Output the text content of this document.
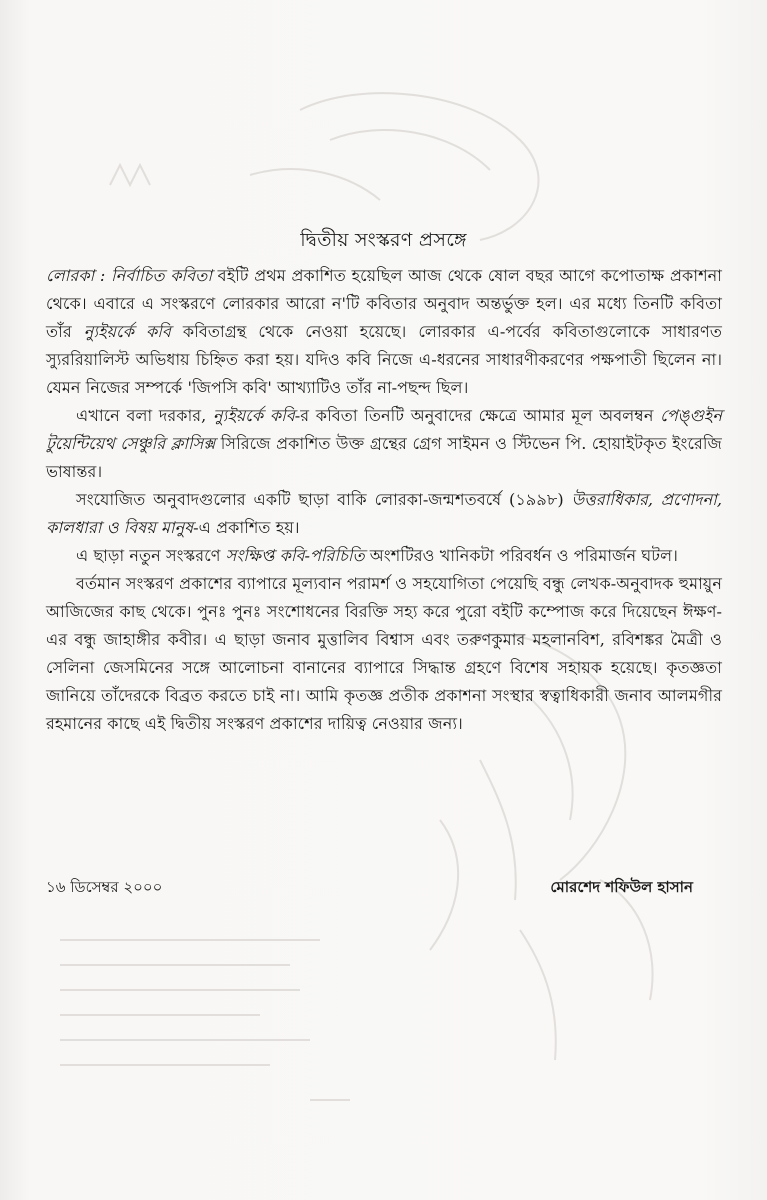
দ্বিতীয় সংস্করণ প্রসঙ্গে

লোরকা : নির্বাচিত কবিতা বইটি প্রথম প্রকাশিত হয়েছিল আজ থেকে ষোল বছর আগে কপোতাক্ষ প্রকাশনা থেকে। এবারে এ সংস্করণে লোরকার আরো ন'টি কবিতার অনুবাদ অন্তর্ভুক্ত হল। এর মধ্যে তিনটি কবিতা তাঁর ন্যুইয়র্কে কবি কবিতাগ্রন্থ থেকে নেওয়া হয়েছে। লোরকার এ-পর্বের কবিতাগুলোকে সাধারণত স্যুররিয়ালিস্ট অভিধায় চিহ্নিত করা হয়। যদিও কবি নিজে এ-ধরনের সাধারণীকরণের পক্ষপাতী ছিলেন না। যেমন নিজের সম্পর্কে 'জিপসি কবি' আখ্যাটিও তাঁর না-পছন্দ ছিল।

এখানে বলা দরকার, ন্যুইয়র্কে কবি-র কবিতা তিনটি অনুবাদের ক্ষেত্রে আমার মূল অবলম্বন পেঙ্গুইন টুয়েন্টিয়েথ সেঞ্চুরি ক্লাসিক্স সিরিজে প্রকাশিত উক্ত গ্রন্থের গ্রেগ সাইমন ও স্টিভেন পি. হোয়াইটকৃত ইংরেজি ভাষান্তর।

সংযোজিত অনুবাদগুলোর একটি ছাড়া বাকি লোরকা-জন্মশতবর্ষে (১৯৯৮) উত্তরাধিকার, প্রণোদনা, কালধারা ও বিষয় মানুষ-এ প্রকাশিত হয়।

এ ছাড়া নতুন সংস্করণে সংক্ষিপ্ত কবি-পরিচিতি অংশটিরও খানিকটা পরিবর্ধন ও পরিমার্জন ঘটল।

বর্তমান সংস্করণ প্রকাশের ব্যাপারে মূল্যবান পরামর্শ ও সহযোগিতা পেয়েছি বন্ধু লেখক-অনুবাদক হুমায়ুন আজিজের কাছ থেকে। পুনঃ পুনঃ সংশোধনের বিরক্তি সহ্য করে পুরো বইটি কম্পোজ করে দিয়েছেন ঈক্ষণ-এর বন্ধু জাহাঙ্গীর কবীর। এ ছাড়া জনাব মুত্তালিব বিশ্বাস এবং তরুণকুমার মহলানবিশ, রবিশঙ্কর মৈত্রী ও সেলিনা জেসমিনের সঙ্গে আলোচনা বানানের ব্যাপারে সিদ্ধান্ত গ্রহণে বিশেষ সহায়ক হয়েছে। কৃতজ্ঞতা জানিয়ে তাঁদেরকে বিব্রত করতে চাই না। আমি কৃতজ্ঞ প্রতীক প্রকাশনা সংস্থার স্বত্বাধিকারী জনাব আলমগীর রহমানের কাছে এই দ্বিতীয় সংস্করণ প্রকাশের দায়িত্ব নেওয়ার জন্য।

১৬ ডিসেম্বর ২০০০	মোরশেদ শফিউল হাসান
